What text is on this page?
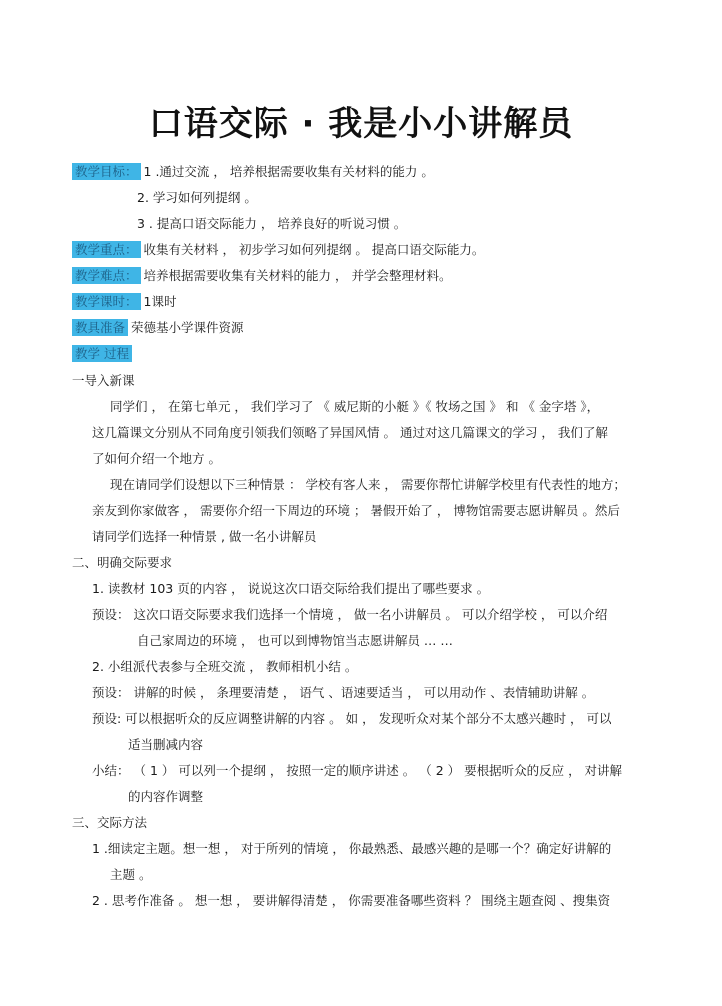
口语交际 · 我是小小讲解员
教学目标： 1 .通过交流 ， 培养根据需要收集有关材料的能力 。
2. 学习如何列提纲 。
3 . 提高口语交际能力 ， 培养良好的听说习惯 。
教学重点： 收集有关材料 ， 初步学习如何列提纲 。 提高口语交际能力。
教学难点： 培养根据需要收集有关材料的能力 ， 并学会整理材料。
教学课时： 1课时
教具准备 荣德基小学课件资源
教学 过程
一导入新课
同学们 ， 在第七单元 ， 我们学习了 《 威尼斯的小艇 》《 牧场之国 》 和 《 金字塔 》，
这几篇课文分别从不同角度引领我们领略了异国风情 。 通过对这几篇课文的学习 ， 我们了解
了如何介绍一个地方 。
现在请同学们设想以下三种情景 ： 学校有客人来 ， 需要你帮忙讲解学校里有代表性的地方；
亲友到你家做客 ， 需要你介绍一下周边的环境 ； 暑假开始了 ， 博物馆需要志愿讲解员 。然后
请同学们选择一种情景 , 做一名小讲解员
二、明确交际要求
1. 读教材 103 页的内容 ， 说说这次口语交际给我们提出了哪些要求 。
预设： 这次口语交际要求我们选择一个情境 ， 做一名小讲解员 。 可以介绍学校 ， 可以介绍
自己家周边的环境 ， 也可以到博物馆当志愿讲解员 … …
2. 小组派代表参与全班交流 ， 教师相机小结 。
预设： 讲解的时候 ， 条理要清楚 ， 语气 、语速要适当 ， 可以用动作 、表情辅助讲解 。
预设: 可以根据听众的反应调整讲解的内容 。 如 ， 发现听众对某个部分不太感兴趣时 ， 可以
适当删减内容
小结： （ 1 ） 可以列一个提纲 ， 按照一定的顺序讲述 。 （ 2 ） 要根据听众的反应 ， 对讲解
的内容作调整
三、交际方法
1 .细读定主题。想一想 ， 对于所列的情境 ， 你最熟悉、最感兴趣的是哪一个？确定好讲解的
主题 。
2 . 思考作准备 。 想一想 ， 要讲解得清楚 ， 你需要准备哪些资料 ？ 围绕主题查阅 、搜集资
